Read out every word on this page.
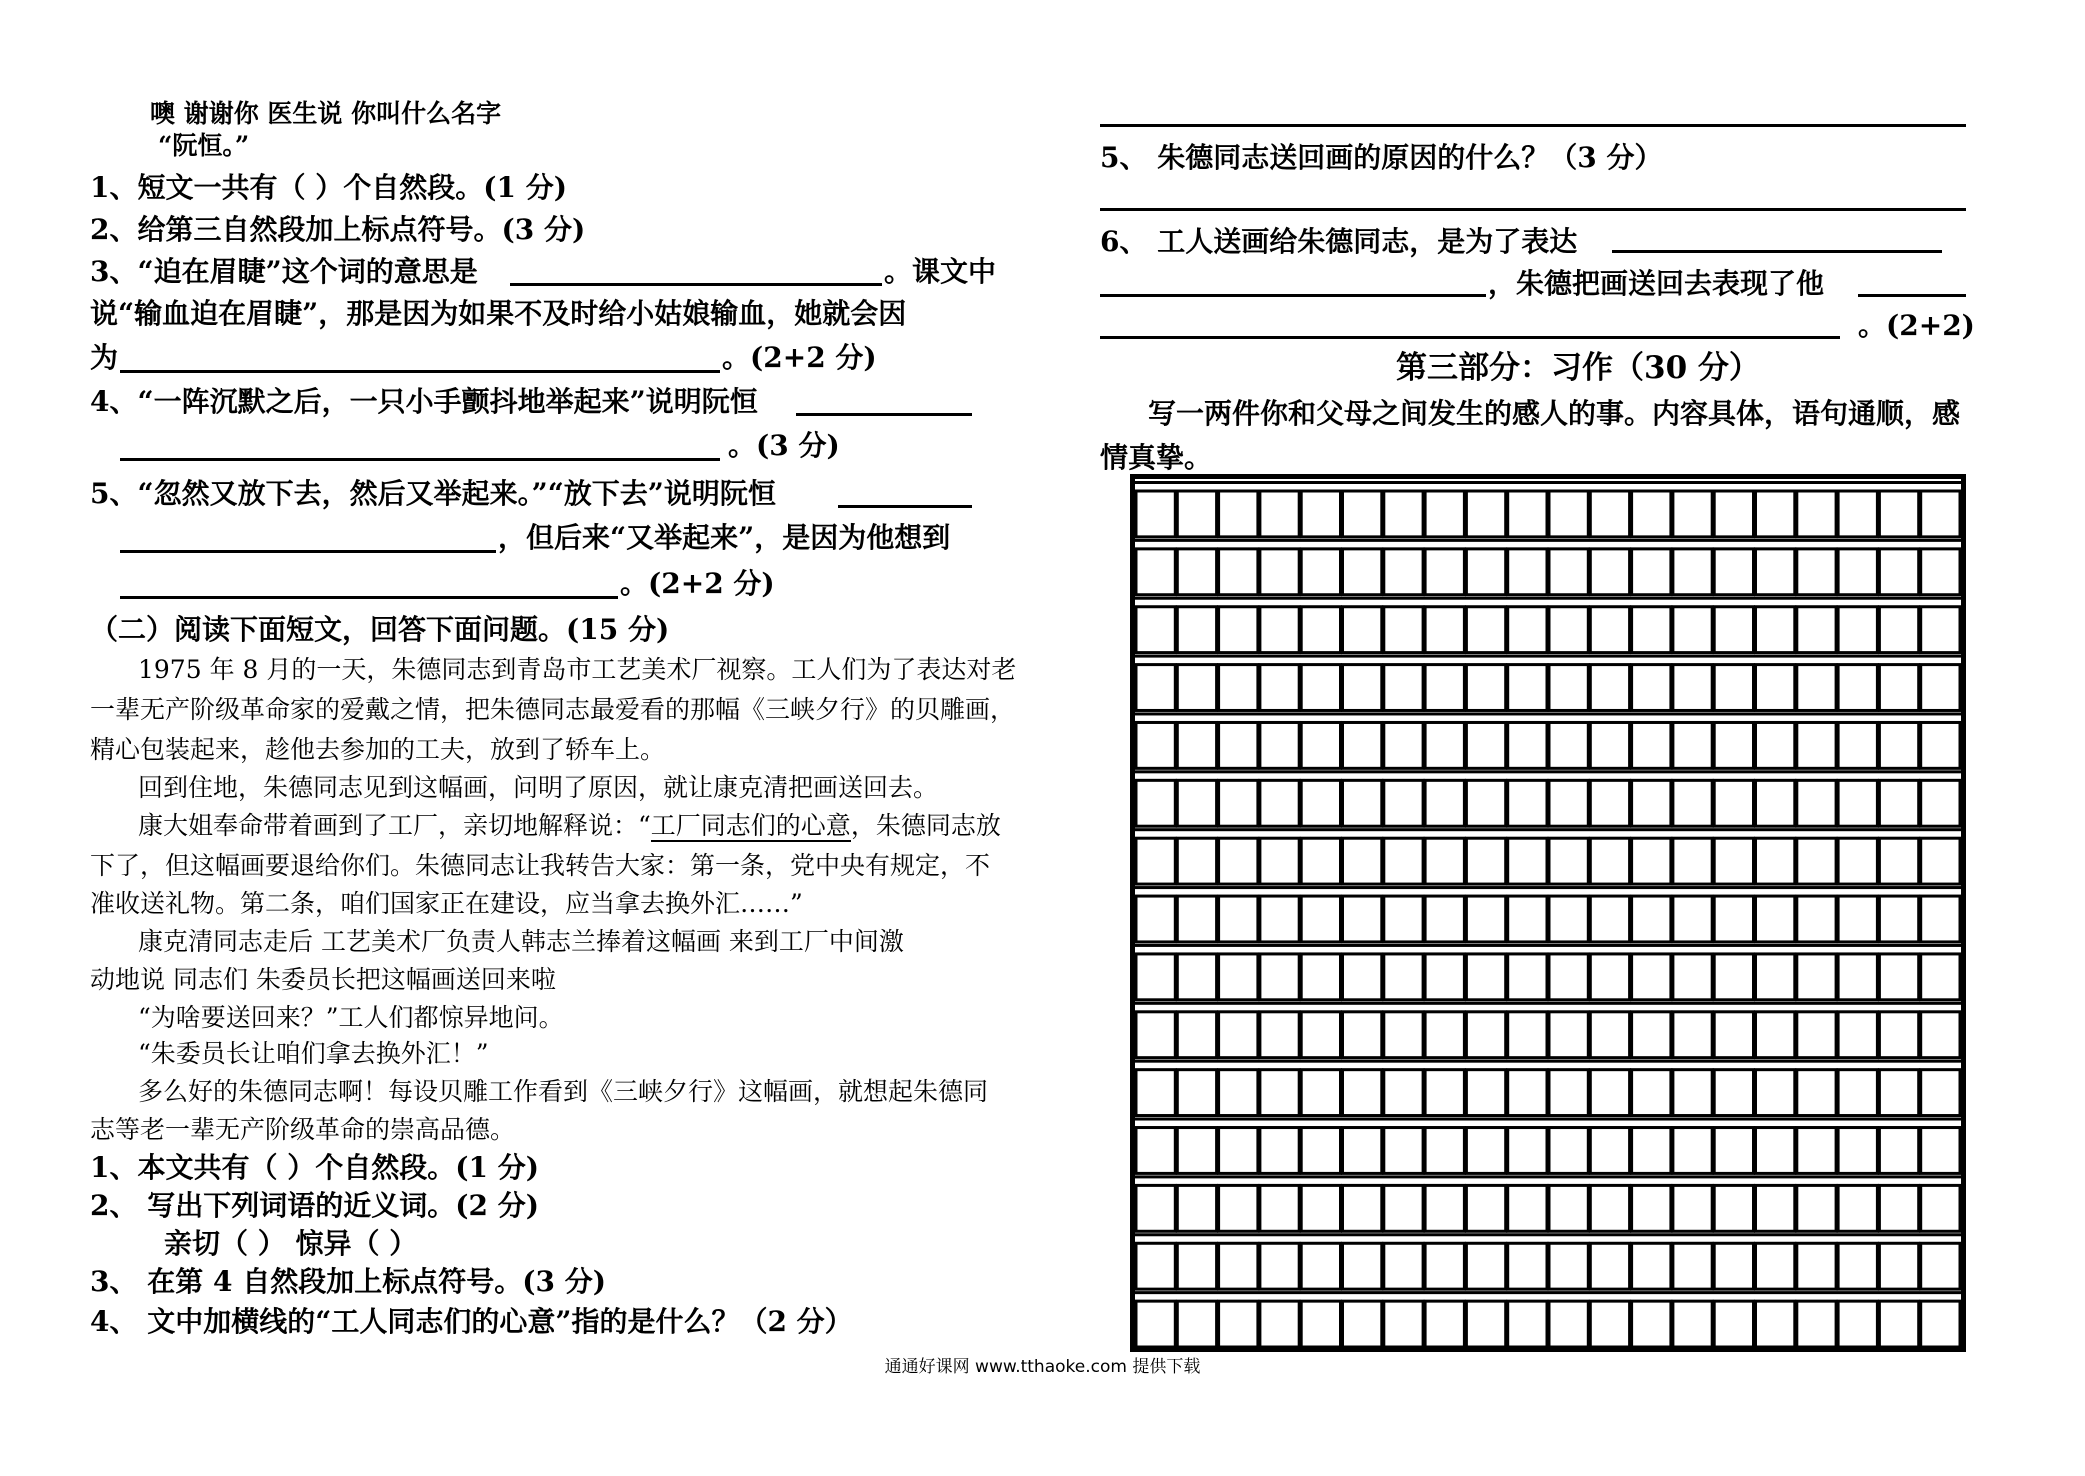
噢 谢谢你 医生说 你叫什么名字
“阮恒。”
1、短文一共有（ ）个自然段。(1 分)
2、给第三自然段加上标点符号。(3 分)
3、“迫在眉睫”这个词的意思是	。课文中
说“输血迫在眉睫”，那是因为如果不及时给小姑娘输血，她就会因
为	。(2+2 分)
4、“一阵沉默之后，一只小手颤抖地举起来”说明阮恒
。(3 分)
5、“忽然又放下去，然后又举起来。”“放下去”说明阮恒
，但后来“又举起来”，是因为他想到
。(2+2 分)
（二）阅读下面短文，回答下面问题。(15 分)
1975 年 8 月的一天，朱德同志到青岛市工艺美术厂视察。工人们为了表达对老
一辈无产阶级革命家的爱戴之情，把朱德同志最爱看的那幅《三峡夕行》的贝雕画，
精心包装起来，趁他去参加的工夫，放到了轿车上。
回到住地，朱德同志见到这幅画，问明了原因，就让康克清把画送回去。
康大姐奉命带着画到了工厂，亲切地解释说：“工厂同志们的心意，朱德同志放
下了，但这幅画要退给你们。朱德同志让我转告大家：第一条，党中央有规定，不
准收送礼物。第二条，咱们国家正在建设，应当拿去换外汇……”
康克清同志走后 工艺美术厂负责人韩志兰捧着这幅画 来到工厂中间激
动地说 同志们 朱委员长把这幅画送回来啦
“为啥要送回来？”工人们都惊异地问。
“朱委员长让咱们拿去换外汇！”
多么好的朱德同志啊！每设贝雕工作看到《三峡夕行》这幅画，就想起朱德同
志等老一辈无产阶级革命的崇高品德。
1、本文共有（ ）个自然段。(1 分)
2、 写出下列词语的近义词。(2 分)
亲切（ ） 惊异（ ）
3、 在第 4 自然段加上标点符号。(3 分)
4、 文中加横线的“工人同志们的心意”指的是什么？（2 分）
5、 朱德同志送回画的原因的什么？（3 分）
6、 工人送画给朱德同志，是为了表达
，朱德把画送回去表现了他
。(2+2)
第三部分：习作（30 分）
写一两件你和父母之间发生的感人的事。内容具体，语句通顺，感
情真挚。
通通好课网 www.tthaoke.com 提供下载
